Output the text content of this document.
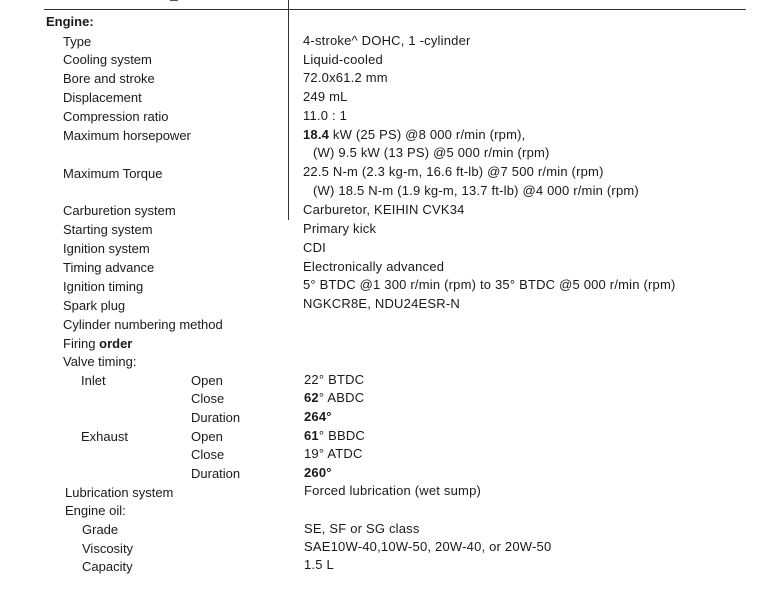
Engine:
Type	4-stroke^ DOHC, 1 -cylinder
Cooling system	Liquid-cooled
Bore and stroke	72.0x61.2 mm
Displacement	249 mL
Compression ratio	11.0 : 1
Maximum horsepower	18.4 kW (25 PS) @8 000 r/min (rpm),
(W) 9.5 kW (13 PS) @5 000 r/min (rpm)
Maximum Torque	22.5 N-m (2.3 kg-m, 16.6 ft-lb) @7 500 r/min (rpm)
(W) 18.5 N-m (1.9 kg-m, 13.7 ft-lb) @4 000 r/min (rpm)
Carburetion system	Carburetor, KEIHIN CVK34
Starting system	Primary kick
Ignition system	CDI
Timing advance	Electronically advanced
Ignition timing	5° BTDC @1 300 r/min (rpm) to 35° BTDC @5 000 r/min (rpm)
Spark plug	NGKCR8E, NDU24ESR-N
Cylinder numbering method
Firing order
Valve timing:
Inlet	Open	22° BTDC
Close	62° ABDC
Duration	264°
Exhaust	Open	61° BBDC
Close	19° ATDC
Duration	260°
Lubrication system	Forced lubrication (wet sump)
Engine oil:
Grade	SE, SF or SG class
Viscosity	SAE10W-40,10W-50, 20W-40, or 20W-50
Capacity	1.5 L
